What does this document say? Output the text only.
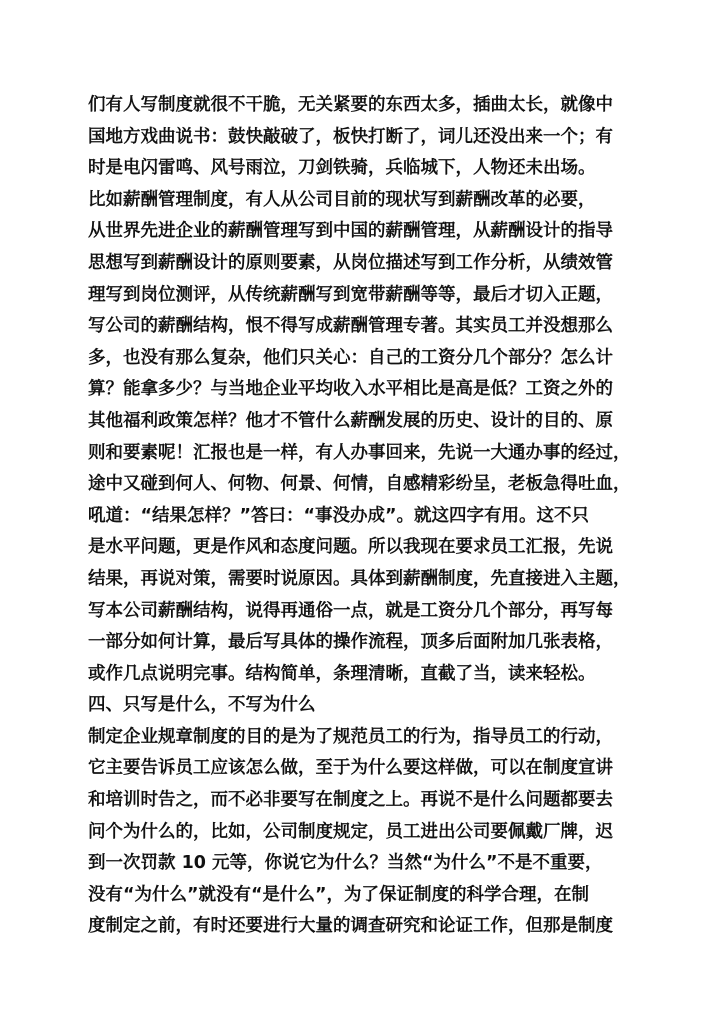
们有人写制度就很不干脆，无关紧要的东西太多，插曲太长，就像中
国地方戏曲说书：鼓快敲破了，板快打断了，词儿还没出来一个；有
时是电闪雷鸣、风号雨泣，刀剑铁骑，兵临城下，人物还未出场。
比如薪酬管理制度，有人从公司目前的现状写到薪酬改革的必要，
从世界先进企业的薪酬管理写到中国的薪酬管理，从薪酬设计的指导
思想写到薪酬设计的原则要素，从岗位描述写到工作分析，从绩效管
理写到岗位测评，从传统薪酬写到宽带薪酬等等，最后才切入正题，
写公司的薪酬结构，恨不得写成薪酬管理专著。其实员工并没想那么
多，也没有那么复杂，他们只关心：自己的工资分几个部分？怎么计
算？能拿多少？与当地企业平均收入水平相比是高是低？工资之外的
其他福利政策怎样？他才不管什么薪酬发展的历史、设计的目的、原
则和要素呢！汇报也是一样，有人办事回来，先说一大通办事的经过，
途中又碰到何人、何物、何景、何情，自感精彩纷呈，老板急得吐血，
吼道：“结果怎样？”答曰：“事没办成”。就这四字有用。这不只
是水平问题，更是作风和态度问题。所以我现在要求员工汇报，先说
结果，再说对策，需要时说原因。具体到薪酬制度，先直接进入主题，
写本公司薪酬结构，说得再通俗一点，就是工资分几个部分，再写每
一部分如何计算，最后写具体的操作流程，顶多后面附加几张表格，
或作几点说明完事。结构简单，条理清晰，直截了当，读来轻松。
四、只写是什么，不写为什么
制定企业规章制度的目的是为了规范员工的行为，指导员工的行动，
它主要告诉员工应该怎么做，至于为什么要这样做，可以在制度宣讲
和培训时告之，而不必非要写在制度之上。再说不是什么问题都要去
问个为什么的，比如，公司制度规定，员工进出公司要佩戴厂牌，迟
到一次罚款 10 元等，你说它为什么？当然“为什么”不是不重要，
没有“为什么”就没有“是什么”，为了保证制度的科学合理，在制
度制定之前，有时还要进行大量的调查研究和论证工作，但那是制度
